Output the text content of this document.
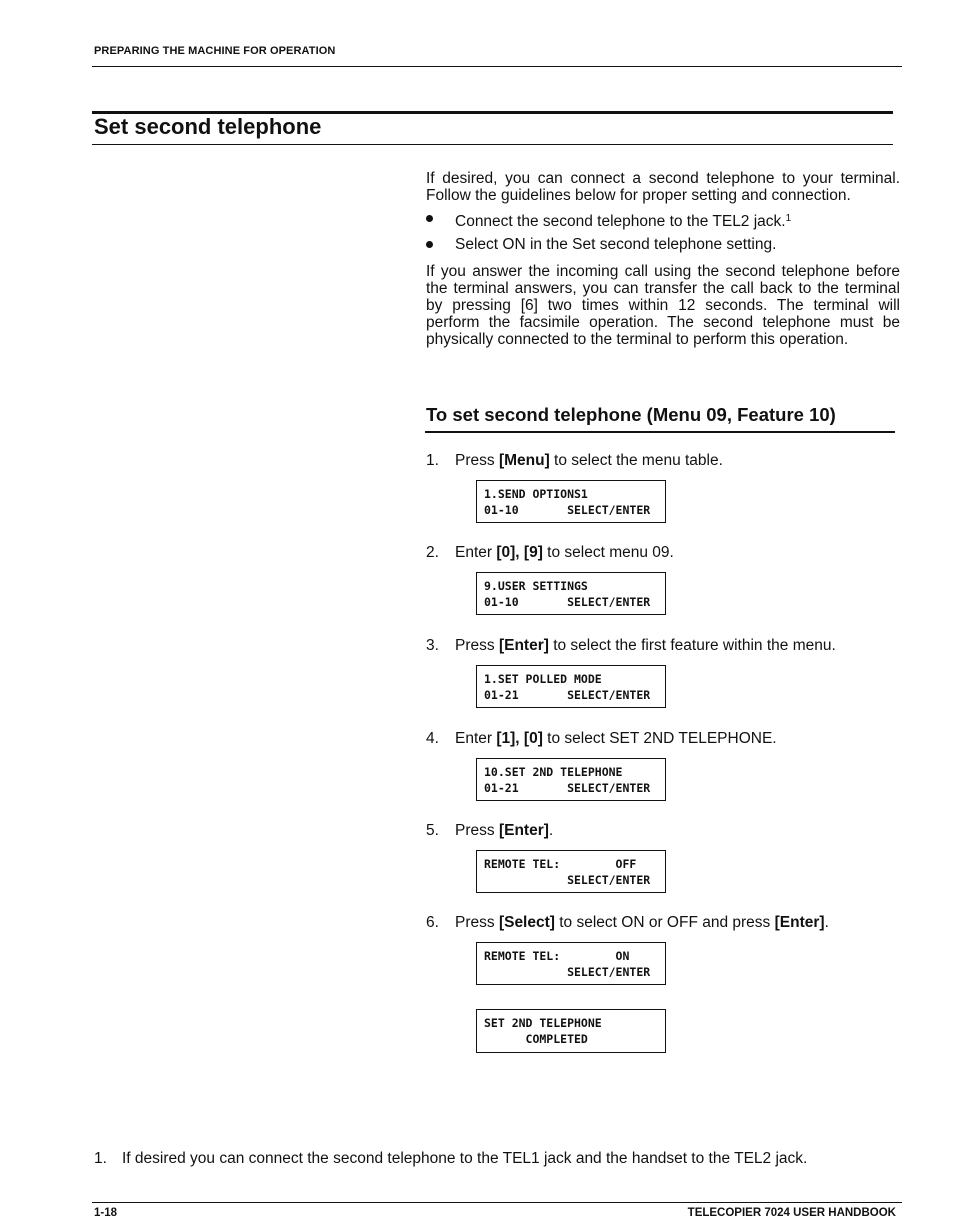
PREPARING THE MACHINE FOR OPERATION
Set second telephone
If desired, you can connect a second telephone to your terminal. Follow the guidelines below for proper setting and connection.
Connect the second telephone to the TEL2 jack.$^1$
Select ON in the Set second telephone setting.
If you answer the incoming call using the second telephone before the terminal answers, you can transfer the call back to the terminal by pressing [6] two times within 12 seconds. The terminal will perform the facsimile operation. The second telephone must be physically connected to the terminal to perform this operation.
To set second telephone (Menu 09, Feature 10)
1. Press [Menu] to select the menu table.
1.SEND OPTIONS1
01-10       SELECT/ENTER
2. Enter [0], [9] to select menu 09.
9.USER SETTINGS
01-10       SELECT/ENTER
3. Press [Enter] to select the first feature within the menu.
1.SET POLLED MODE
01-21       SELECT/ENTER
4. Enter [1], [0] to select SET 2ND TELEPHONE.
10.SET 2ND TELEPHONE
01-21       SELECT/ENTER
5. Press [Enter].
REMOTE TEL:        OFF
SELECT/ENTER
6. Press [Select] to select ON or OFF and press [Enter].
REMOTE TEL:        ON
SELECT/ENTER
SET 2ND TELEPHONE
COMPLETED
1. If desired you can connect the second telephone to the TEL1 jack and the handset to the TEL2 jack.
1-18	TELECOPIER 7024 USER HANDBOOK
